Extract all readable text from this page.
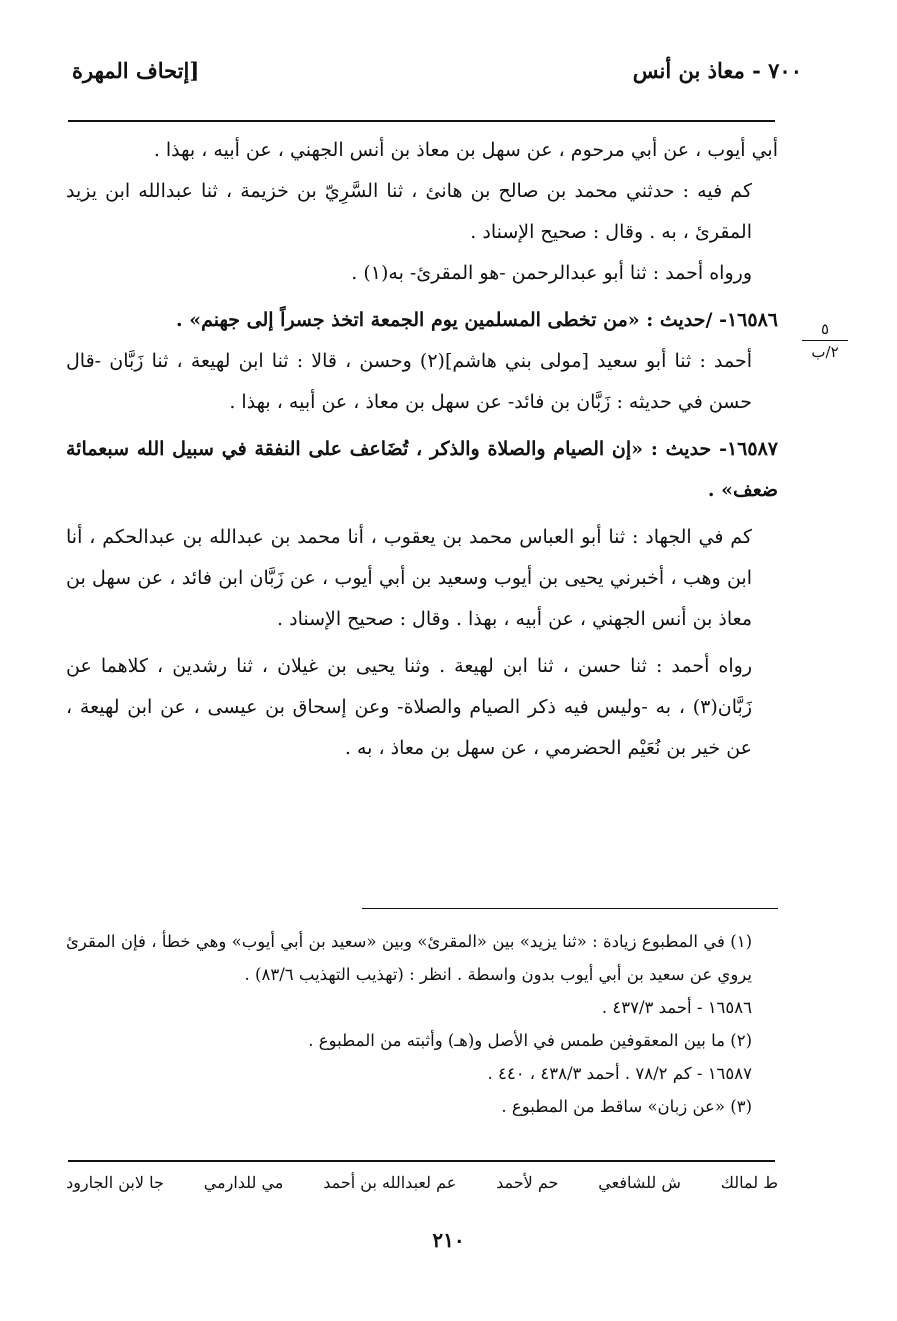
٧٠٠ - معاذ بن أنس
[إتحاف المهرة
٥
٢/ب

أبي أيوب ، عن أبي مرحوم ، عن سهل بن معاذ بن أنس الجهني ، عن أبيه ، بهذا .

كم فيه : حدثني محمد بن صالح بن هانئ ، ثنا السَّرِيّ بن خزيمة ، ثنا عبدالله ابن يزيد المقرئ ، به . وقال : صحيح الإسناد .

ورواه أحمد : ثنا أبو عبدالرحمن -هو المقرئ- به(١) .

١٦٥٨٦- /حديث : «من تخطى المسلمين يوم الجمعة اتخذ جسراً إلى جهنم» .

أحمد : ثنا أبو سعيد [مولى بني هاشم](٢) وحسن ، قالا : ثنا ابن لهيعة ، ثنا زَبَّان -قال حسن في حديثه : زَبَّان بن فائد- عن سهل بن معاذ ، عن أبيه ، بهذا .

١٦٥٨٧- حديث : «إن الصيام والصلاة والذكر ، تُضَاعف على النفقة في سبيل الله سبعمائة ضعف» .

كم في الجهاد : ثنا أبو العباس محمد بن يعقوب ، أنا محمد بن عبدالله بن عبدالحكم ، أنا ابن وهب ، أخبرني يحيى بن أيوب وسعيد بن أبي أيوب ، عن زَبَّان ابن فائد ، عن سهل بن معاذ بن أنس الجهني ، عن أبيه ، بهذا . وقال : صحيح الإسناد .

رواه أحمد : ثنا حسن ، ثنا ابن لهيعة . وثنا يحيى بن غيلان ، ثنا رشدين ، كلاهما عن زَبَّان(٣) ، به -وليس فيه ذكر الصيام والصلاة- وعن إسحاق بن عيسى ، عن ابن لهيعة ، عن خير بن نُعَيْم الحضرمي ، عن سهل بن معاذ ، به .

(١) في المطبوع زيادة : «ثنا يزيد» بين «المقرئ» وبين «سعيد بن أبي أيوب» وهي خطأ ، فإن المقرئ يروي عن سعيد بن أبي أيوب بدون واسطة . انظر : (تهذيب التهذيب ٨٣/٦) .

١٦٥٨٦ - أحمد ٤٣٧/٣ .

(٢) ما بين المعقوفين طمس في الأصل و(هـ) وأثبته من المطبوع .

١٦٥٨٧ - كم ٧٨/٢ . أحمد ٤٣٨/٣ ، ٤٤٠ .

(٣) «عن زبان» ساقط من المطبوع .

ط لمالك
ش للشافعي
حم لأحمد
عم لعبدالله بن أحمد
مي للدارمي
جا لابن الجارود
٢١٠
